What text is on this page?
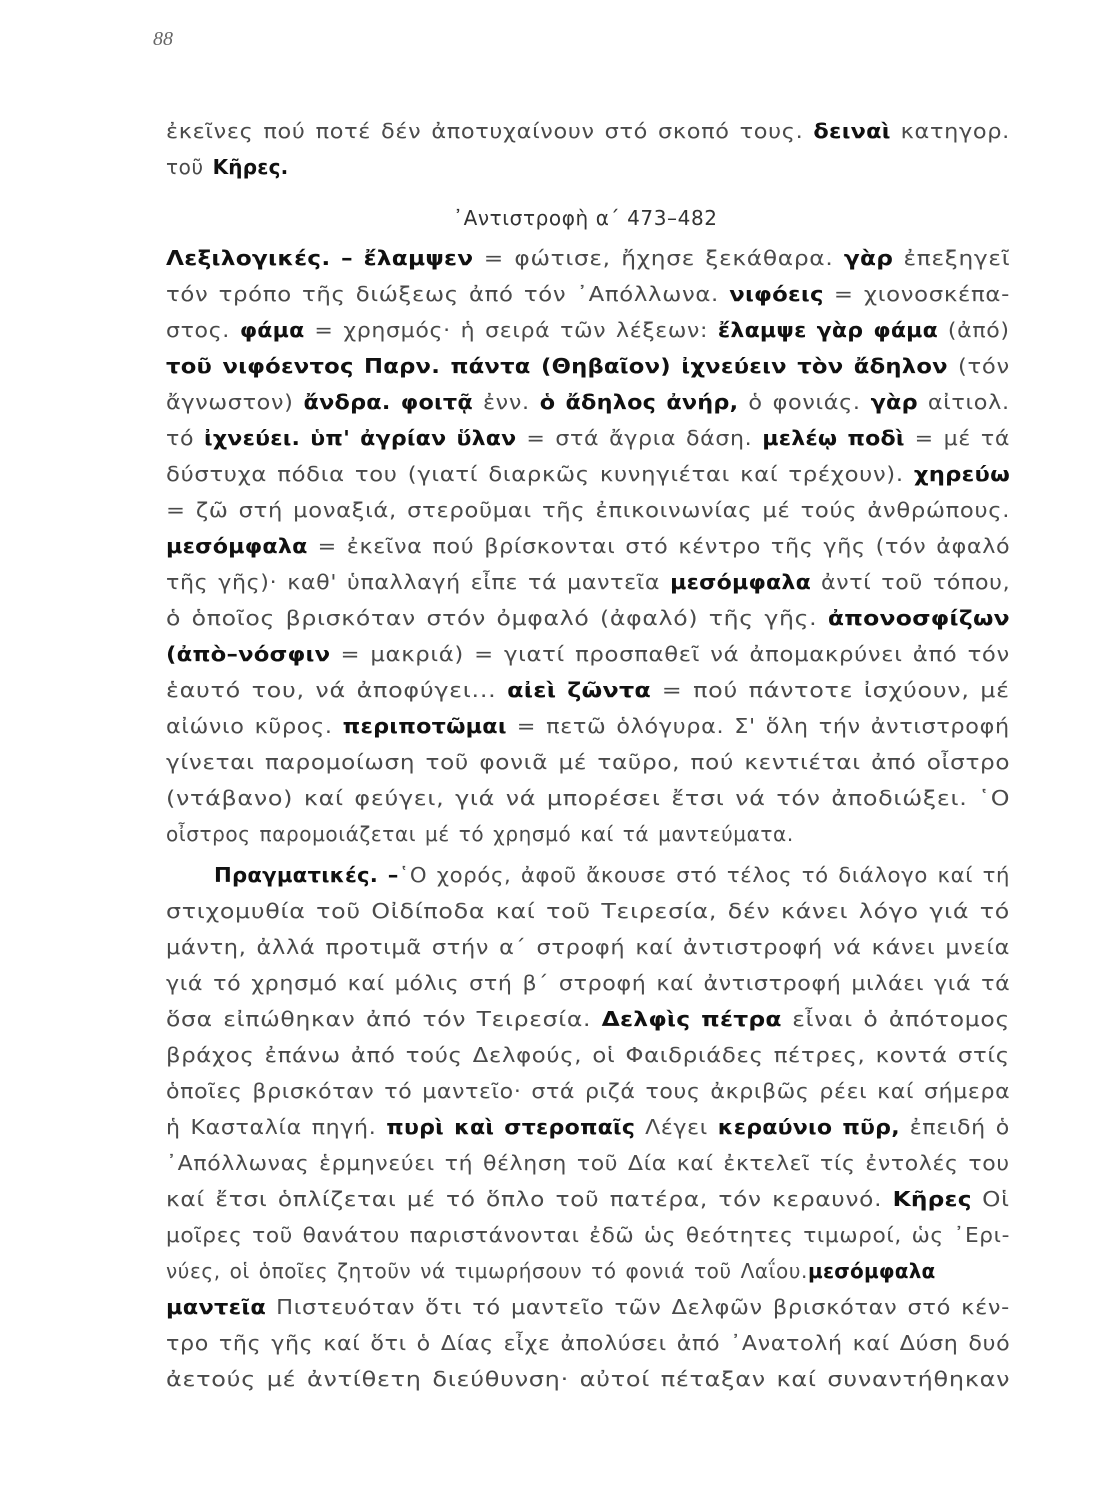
88
᾿Αντιστροφὴ α΄ 473–482
ἐκεῖνες πού ποτέ δέν ἀποτυχαίνουν στό σκοπό τους. δειναὶ κατηγορ.
τοῦ Κῆρες.
Λεξιλογικές. – ἔλαμψεν = φώτισε, ἤχησε ξεκάθαρα. γὰρ ἐπεξηγεῖ
τόν τρόπο τῆς διώξεως ἀπό τόν ᾿Απόλλωνα. νιφόεις = χιονοσκέπα-
στος. φάμα = χρησμός· ἡ σειρά τῶν λέξεων: ἔλαμψε γὰρ φάμα (ἀπό)
τοῦ νιφόεντος Παρν. πάντα (Θηβαῖον) ἰχνεύειν τὸν ἄδηλον (τόν
ἄγνωστον) ἄνδρα. φοιτᾷ ἐνν. ὁ ἄδηλος ἀνήρ, ὁ φονιάς. γὰρ αἰτιολ.
τό ἰχνεύει. ὑπ' ἀγρίαν ὕλαν = στά ἄγρια δάση. μελέῳ ποδὶ = μέ τά
δύστυχα πόδια του (γιατί διαρκῶς κυνηγιέται καί τρέχουν). χηρεύω
= ζῶ στή μοναξιά, στεροῦμαι τῆς ἐπικοινωνίας μέ τούς ἀνθρώπους.
μεσόμφαλα = ἐκεῖνα πού βρίσκονται στό κέντρο τῆς γῆς (τόν ἀφαλό
τῆς γῆς)· καθ' ὑπαλλαγή εἶπε τά μαντεῖα μεσόμφαλα ἀντί τοῦ τόπου,
ὁ ὁποῖος βρισκόταν στόν ὀμφαλό (ἀφαλό) τῆς γῆς. ἀπονοσφίζων
(ἀπὸ–νόσφιν = μακριά) = γιατί προσπαθεῖ νά ἀπομακρύνει ἀπό τόν
ἑαυτό του, νά ἀποφύγει... αἰεὶ ζῶντα = πού πάντοτε ἰσχύουν, μέ
αἰώνιο κῦρος. περιποτῶμαι = πετῶ ὁλόγυρα. Σ' ὅλη τήν ἀντιστροφή
γίνεται παρομοίωση τοῦ φονιᾶ μέ ταῦρο, πού κεντιέται ἀπό οἶστρο
(ντάβανο) καί φεύγει, γιά νά μπορέσει ἔτσι νά τόν ἀποδιώξει. ῾Ο
οἶστρος παρομοιάζεται μέ τό χρησμό καί τά μαντεύματα.
Πραγματικές. –῾Ο χορός, ἀφοῦ ἄκουσε στό τέλος τό διάλογο καί τή
στιχομυθία τοῦ Οἰδίποδα καί τοῦ Τειρεσία, δέν κάνει λόγο γιά τό
μάντη, ἀλλά προτιμᾶ στήν α΄ στροφή καί ἀντιστροφή νά κάνει μνεία
γιά τό χρησμό καί μόλις στή β΄ στροφή καί ἀντιστροφή μιλάει γιά τά
ὅσα εἰπώθηκαν ἀπό τόν Τειρεσία. Δελφὶς πέτρα εἶναι ὁ ἀπότομος
βράχος ἐπάνω ἀπό τούς Δελφούς, οἱ Φαιδριάδες πέτρες, κοντά στίς
ὁποῖες βρισκόταν τό μαντεῖο· στά ριζά τους ἀκριβῶς ρέει καί σήμερα
ἡ Κασταλία πηγή. πυρὶ καὶ στεροπαῖς Λέγει κεραύνιο πῦρ, ἐπειδή ὁ
᾿Απόλλωνας ἑρμηνεύει τή θέληση τοῦ Δία καί ἐκτελεῖ τίς ἐντολές του
καί ἔτσι ὁπλίζεται μέ τό ὅπλο τοῦ πατέρα, τόν κεραυνό. Κῆρες Οἱ
μοῖρες τοῦ θανάτου παριστάνονται ἐδῶ ὡς θεότητες τιμωροί, ὡς ᾿Ερι-
νύες, οἱ ὁποῖες ζητοῦν νά τιμωρήσουν τό φονιά τοῦ Λαΐου.μεσόμφαλα
μαντεῖα Πιστευόταν ὅτι τό μαντεῖο τῶν Δελφῶν βρισκόταν στό κέν-
τρο τῆς γῆς καί ὅτι ὁ Δίας εἶχε ἀπολύσει ἀπό ᾿Ανατολή καί Δύση δυό
ἀετούς μέ ἀντίθετη διεύθυνση· αὐτοί πέταξαν καί συναντήθηκαν
